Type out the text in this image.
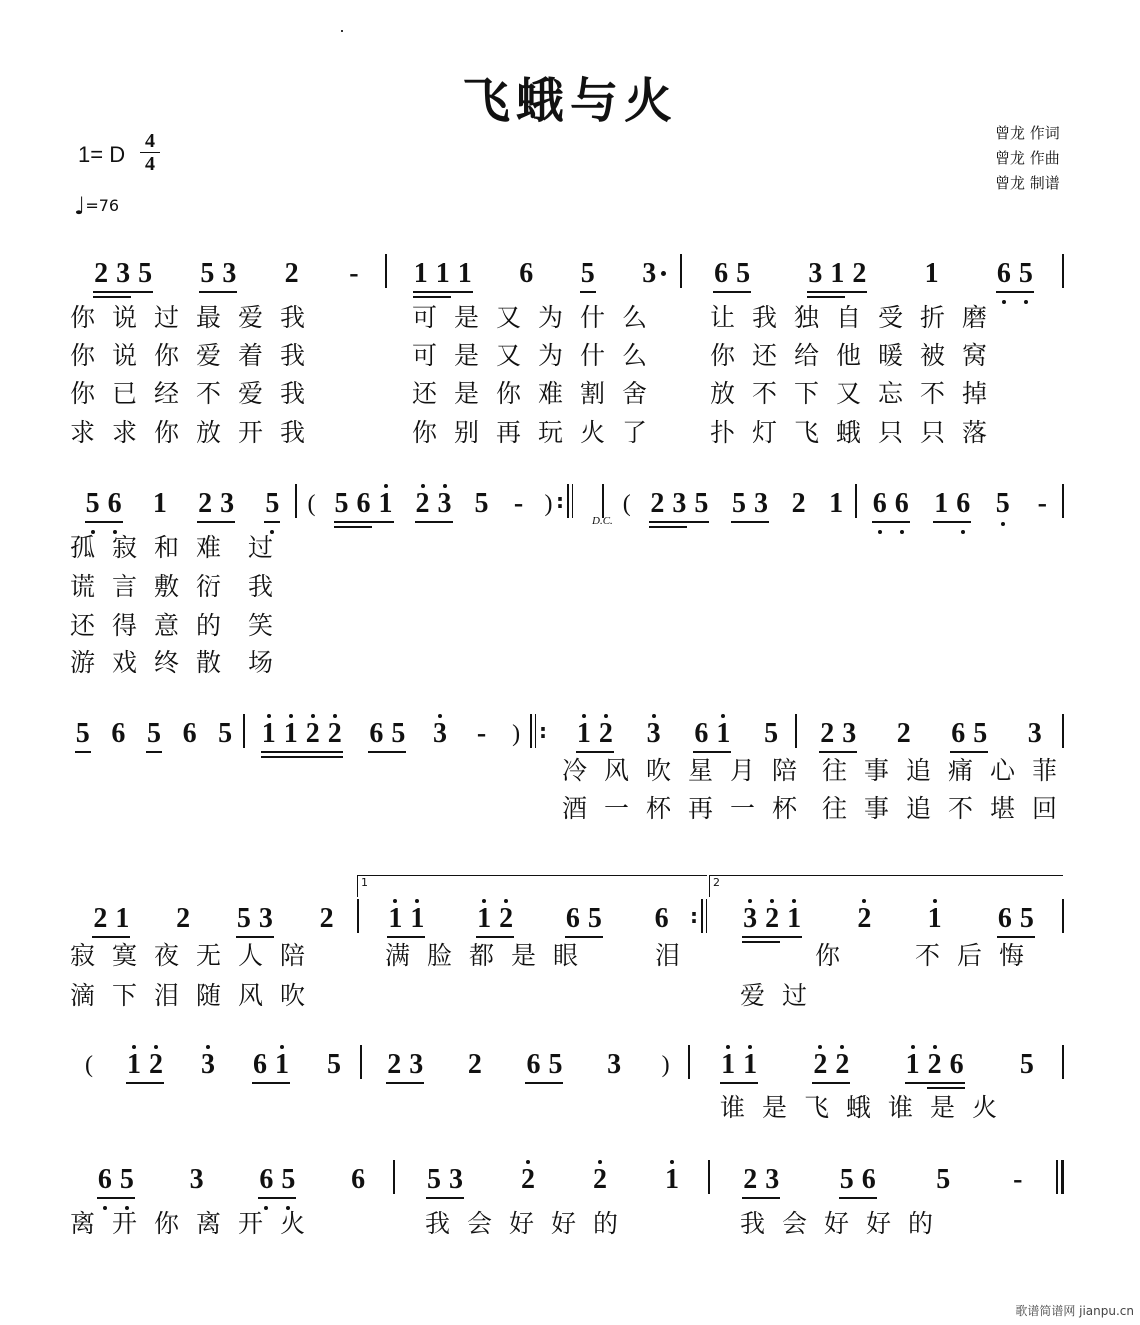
飞蛾与火
1= D
4
4
♩=76
曾龙 作词
曾龙 作曲
曾龙 制谱
歌谱简谱网 jianpu.cn
2 3 5 5 3 2 - 1 1 1 6 5 3 6 5 3 1 2 1 6 5
你说过最爱我	可是又为什么 让我独自受折磨
你说你爱着我	可是又为什么 你还给他暖被窝
你已经不爱我	还是你难割舍 放不下又忘不掉
求求你放开我	你别再玩火了 扑灯飞蛾只只落
5 6 1 2 3 5 ( 5 6 1 2 3 5 - )	( 2 3 5 5 3 2 1 6 6 1 6 5 -
:
孤寂和难 过
谎言敷衍 我
还得意的 笑
游戏终散 场
5 6 5 6 5 1 1 2 2 6 5 3 - ) 1 2 3 6 1 5 2 3 2 6 5 3
:
冷风吹星月陪 往事追痛心菲
酒一杯再一杯 往事追不堪回
2 1 2 5 3 2 1 1 1 2 6 5 6	3 2 1 2 1 6 5
:
寂寞夜无人陪	满脸都是眼 泪	你 不后悔
滴下泪随风吹	爱过
( 1 2 3 6 1 5 2 3 2 6 5 3 ) 1 1 2 2 1 2 6 5
谁是飞蛾谁是火
6 5 3 6 5 6 5 3 2 2 1 2 3 5 6 5 -
离开你离开火	我会好好的	我会好好的
D.C.
1	2
